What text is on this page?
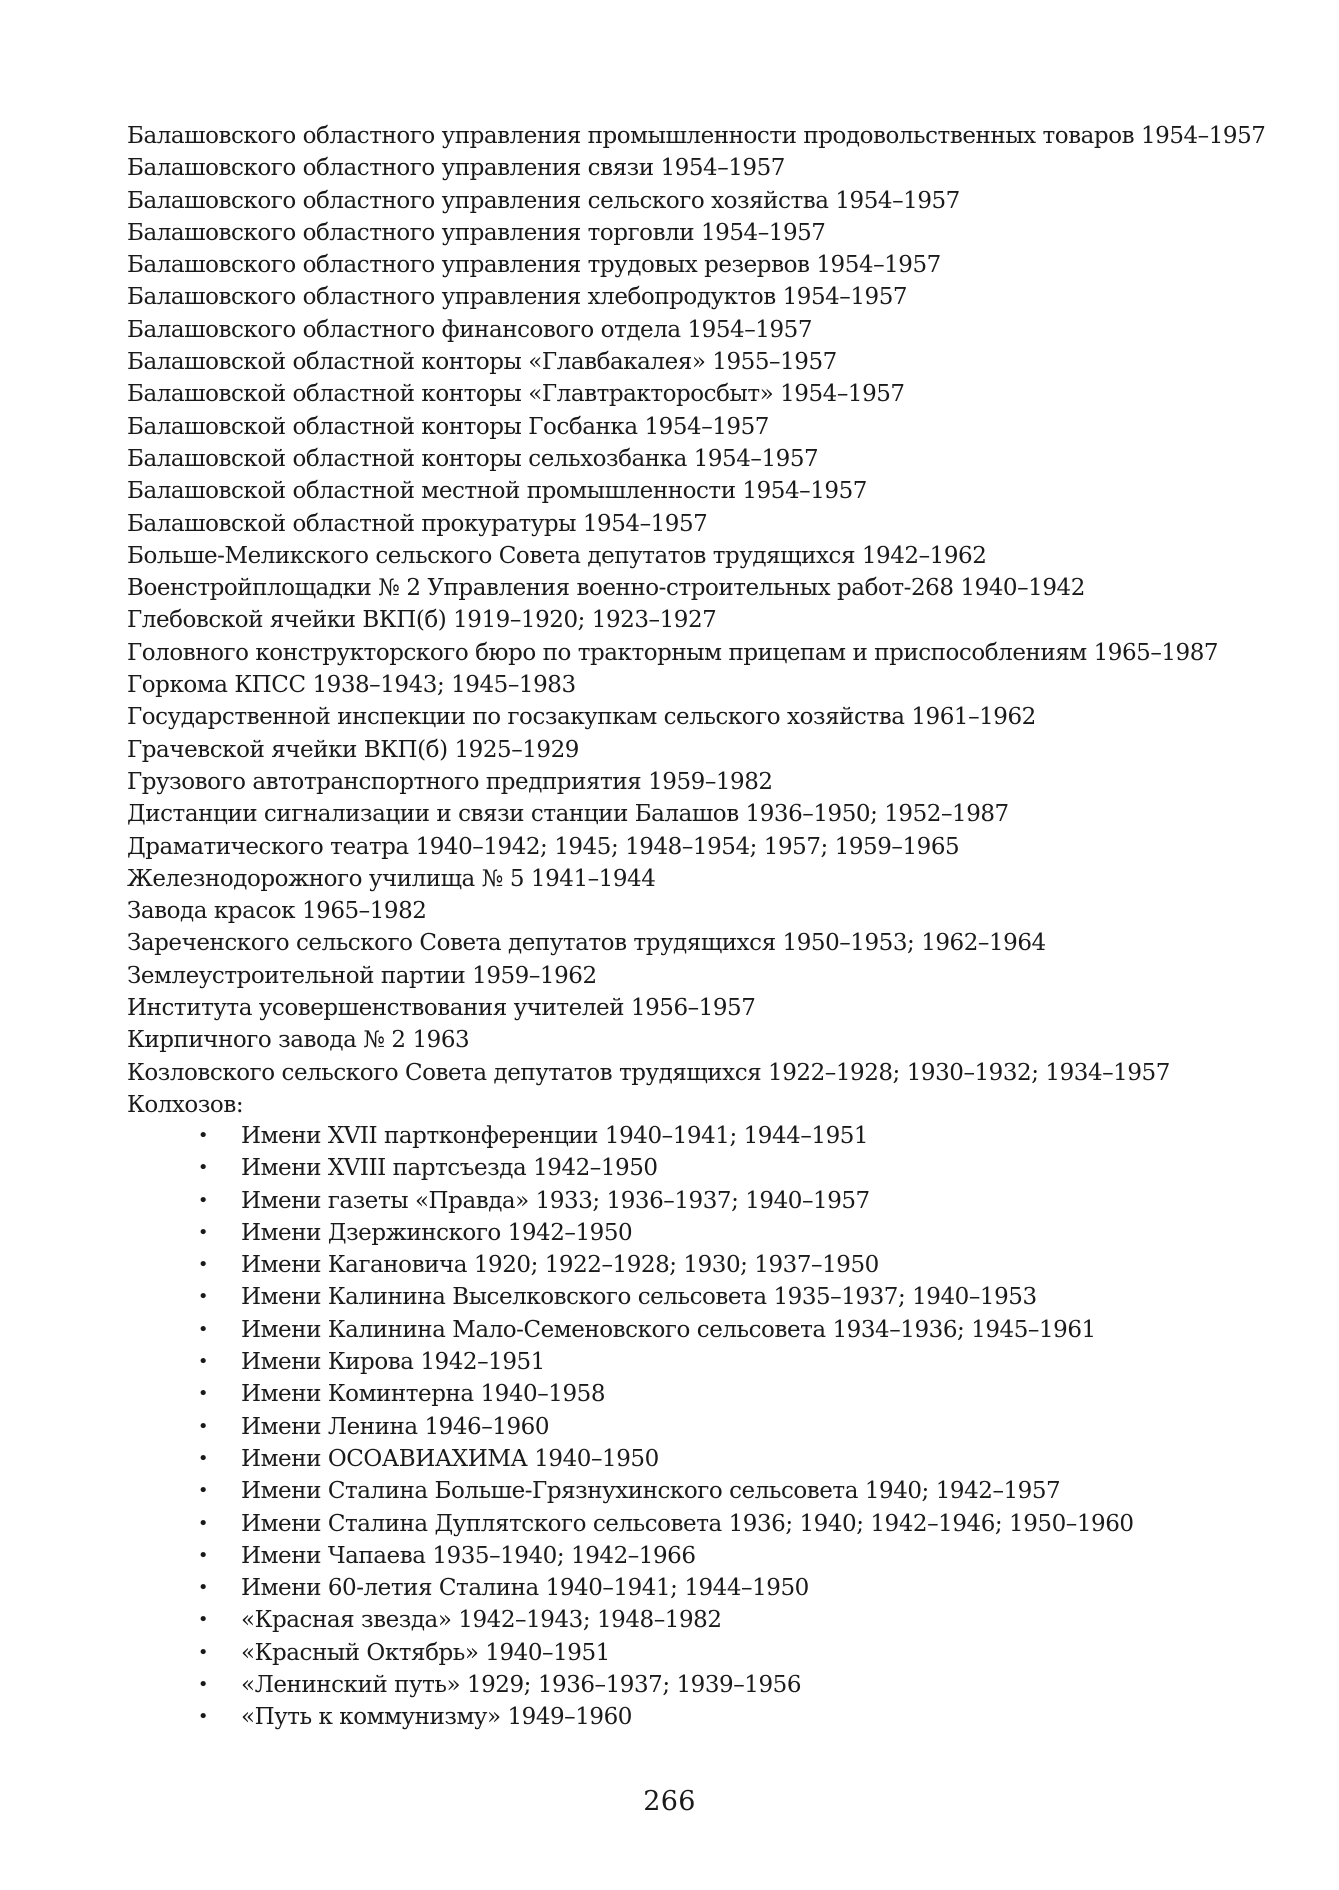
Балашовского областного управления промышленности продовольственных товаров 1954–1957
Балашовского областного управления связи 1954–1957
Балашовского областного управления сельского хозяйства 1954–1957
Балашовского областного управления торговли 1954–1957
Балашовского областного управления трудовых резервов 1954–1957
Балашовского областного управления хлебопродуктов 1954–1957
Балашовского областного финансового отдела 1954–1957
Балашовской областной конторы «Главбакалея» 1955–1957
Балашовской областной конторы «Главтракторосбыт» 1954–1957
Балашовской областной конторы Госбанка 1954–1957
Балашовской областной конторы сельхозбанка 1954–1957
Балашовской областной местной промышленности 1954–1957
Балашовской областной прокуратуры 1954–1957
Больше-Меликского сельского Совета депутатов трудящихся 1942–1962
Военстройплощадки № 2 Управления военно-строительных работ-268 1940–1942
Глебовской ячейки ВКП(б) 1919–1920; 1923–1927
Головного конструкторского бюро по тракторным прицепам и приспособлениям 1965–1987
Горкома КПСС 1938–1943; 1945–1983
Государственной инспекции по госзакупкам сельского хозяйства 1961–1962
Грачевской ячейки ВКП(б) 1925–1929
Грузового автотранспортного предприятия 1959–1982
Дистанции сигнализации и связи станции Балашов 1936–1950; 1952–1987
Драматического театра 1940–1942; 1945; 1948–1954; 1957; 1959–1965
Железнодорожного училища № 5 1941–1944
Завода красок 1965–1982
Зареченского сельского Совета депутатов трудящихся 1950–1953; 1962–1964
Землеустроительной партии 1959–1962
Института усовершенствования учителей 1956–1957
Кирпичного завода № 2 1963
Козловского сельского Совета депутатов трудящихся 1922–1928; 1930–1932; 1934–1957
Колхозов:
• Имени XVII партконференции 1940–1941; 1944–1951
• Имени XVIII партсъезда 1942–1950
• Имени газеты «Правда» 1933; 1936–1937; 1940–1957
• Имени Дзержинского 1942–1950
• Имени Кагановича 1920; 1922–1928; 1930; 1937–1950
• Имени Калинина Выселковского сельсовета 1935–1937; 1940–1953
• Имени Калинина Мало-Семеновского сельсовета 1934–1936; 1945–1961
• Имени Кирова 1942–1951
• Имени Коминтерна 1940–1958
• Имени Ленина 1946–1960
• Имени ОСОАВИАХИМА 1940–1950
• Имени Сталина Больше-Грязнухинского сельсовета 1940; 1942–1957
• Имени Сталина Дуплятского сельсовета 1936; 1940; 1942–1946; 1950–1960
• Имени Чапаева 1935–1940; 1942–1966
• Имени 60-летия Сталина 1940–1941; 1944–1950
• «Красная звезда» 1942–1943; 1948–1982
• «Красный Октябрь» 1940–1951
• «Ленинский путь» 1929; 1936–1937; 1939–1956
• «Путь к коммунизму» 1949–1960
266
